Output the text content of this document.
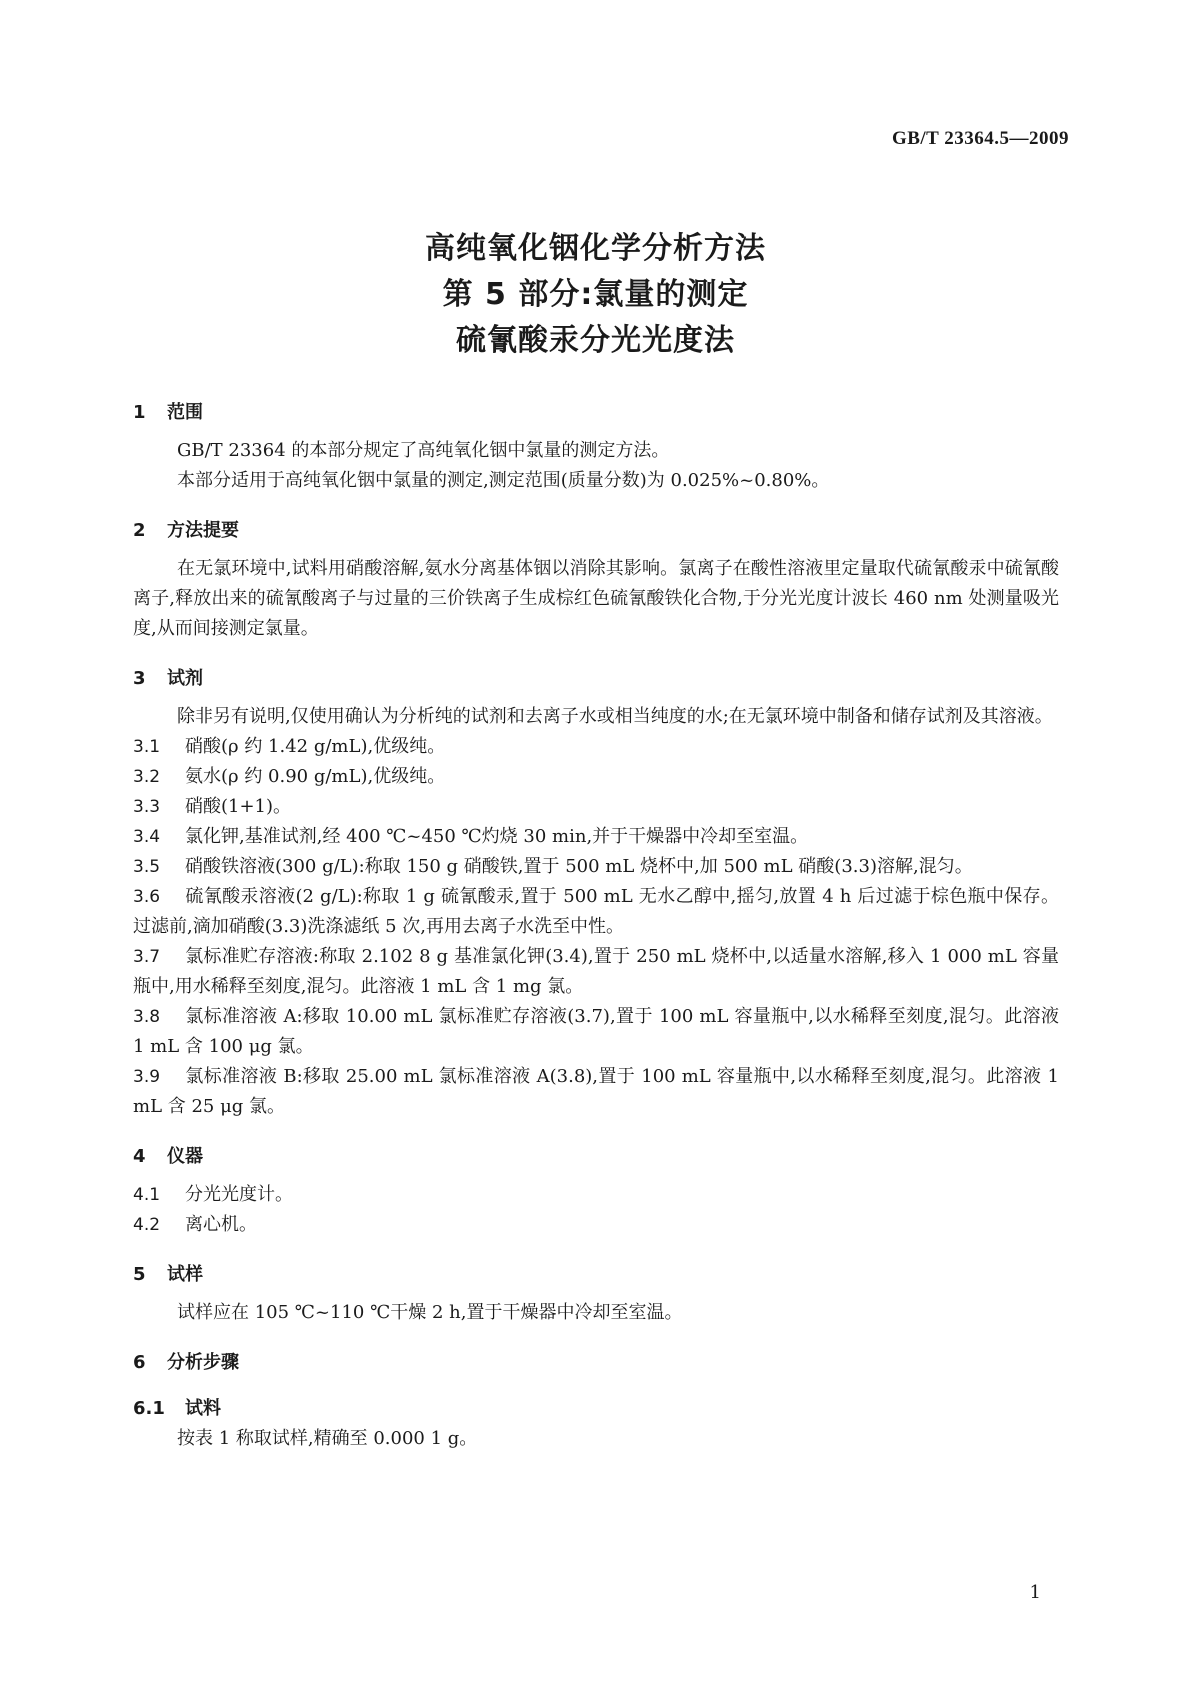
GB/T 23364.5—2009
高纯氧化铟化学分析方法
第 5 部分:氯量的测定
硫氰酸汞分光光度法
1 范围

GB/T 23364 的本部分规定了高纯氧化铟中氯量的测定方法。

本部分适用于高纯氧化铟中氯量的测定,测定范围(质量分数)为 0.025%~0.80%。

2 方法提要

在无氯环境中,试料用硝酸溶解,氨水分离基体铟以消除其影响。氯离子在酸性溶液里定量取代硫氰酸汞中硫氰酸离子,释放出来的硫氰酸离子与过量的三价铁离子生成棕红色硫氰酸铁化合物,于分光光度计波长 460 nm 处测量吸光度,从而间接测定氯量。

3 试剂

除非另有说明,仅使用确认为分析纯的试剂和去离子水或相当纯度的水;在无氯环境中制备和储存试剂及其溶液。

3.1 硝酸(ρ 约 1.42 g/mL),优级纯。

3.2 氨水(ρ 约 0.90 g/mL),优级纯。

3.3 硝酸(1+1)。

3.4 氯化钾,基准试剂,经 400 ℃~450 ℃灼烧 30 min,并于干燥器中冷却至室温。

3.5 硝酸铁溶液(300 g/L):称取 150 g 硝酸铁,置于 500 mL 烧杯中,加 500 mL 硝酸(3.3)溶解,混匀。

3.6 硫氰酸汞溶液(2 g/L):称取 1 g 硫氰酸汞,置于 500 mL 无水乙醇中,摇匀,放置 4 h 后过滤于棕色瓶中保存。过滤前,滴加硝酸(3.3)洗涤滤纸 5 次,再用去离子水洗至中性。

3.7 氯标准贮存溶液:称取 2.102 8 g 基准氯化钾(3.4),置于 250 mL 烧杯中,以适量水溶解,移入 1 000 mL 容量瓶中,用水稀释至刻度,混匀。此溶液 1 mL 含 1 mg 氯。

3.8 氯标准溶液 A:移取 10.00 mL 氯标准贮存溶液(3.7),置于 100 mL 容量瓶中,以水稀释至刻度,混匀。此溶液 1 mL 含 100 μg 氯。

3.9 氯标准溶液 B:移取 25.00 mL 氯标准溶液 A(3.8),置于 100 mL 容量瓶中,以水稀释至刻度,混匀。此溶液 1 mL 含 25 μg 氯。

4 仪器

4.1 分光光度计。

4.2 离心机。

5 试样

试样应在 105 ℃~110 ℃干燥 2 h,置于干燥器中冷却至室温。

6 分析步骤
6.1 试料

按表 1 称取试样,精确至 0.000 1 g。

1
